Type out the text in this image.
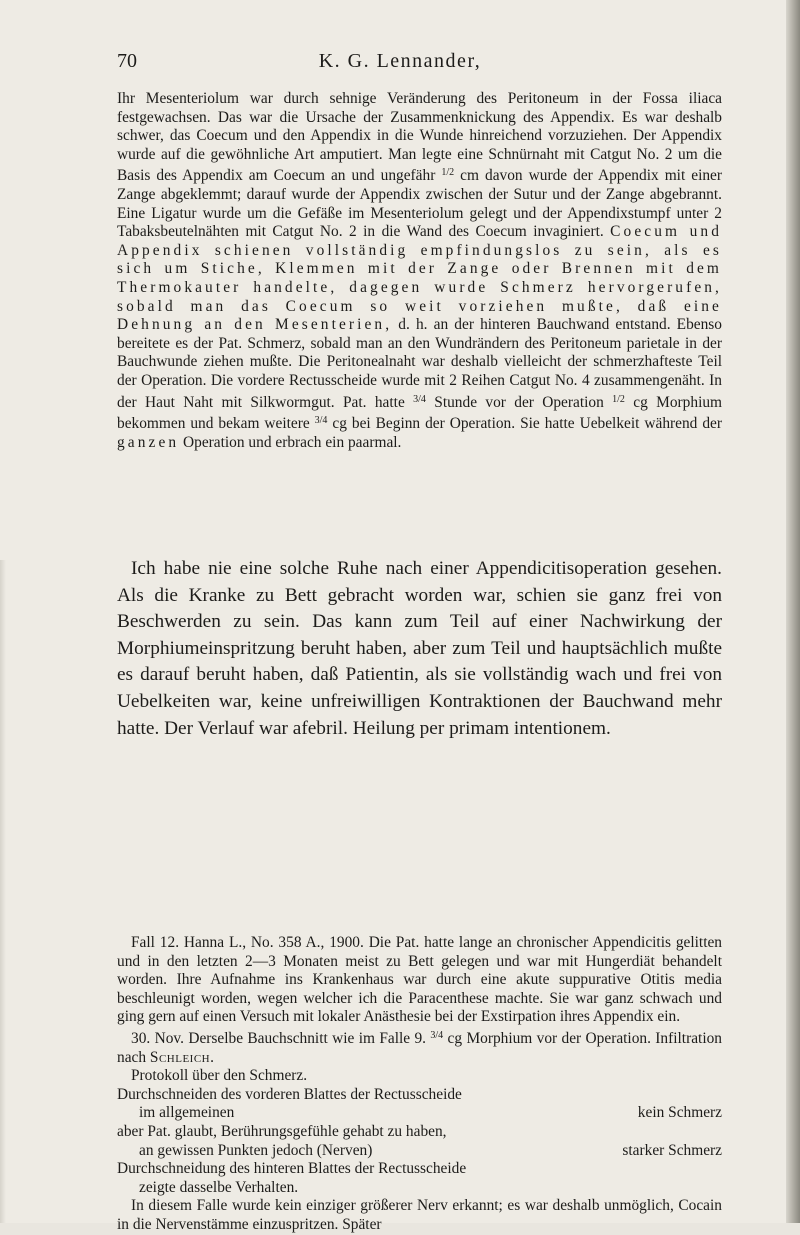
70	K. G. Lennander,

Ihr Mesenteriolum war durch sehnige Veränderung des Peritoneum in der Fossa iliaca festgewachsen. Das war die Ursache der Zusammenknickung des Appendix. Es war deshalb schwer, das Coecum und den Appendix in die Wunde hinreichend vorzuziehen. Der Appendix wurde auf die gewöhnliche Art amputiert. Man legte eine Schnürnaht mit Catgut No. 2 um die Basis des Appendix am Coecum an und ungefähr $^{1/2}$ cm davon wurde der Appendix mit einer Zange abgeklemmt; darauf wurde der Appendix zwischen der Sutur und der Zange abgebrannt. Eine Ligatur wurde um die Gefäße im Mesenteriolum gelegt und der Appendixstumpf unter 2 Tabaksbeutelnähten mit Catgut No. 2 in die Wand des Coecum invaginiert. Coecum und Appendix schienen vollständig empfindungslos zu sein, als es sich um Stiche, Klemmen mit der Zange oder Brennen mit dem Thermokauter handelte, dagegen wurde Schmerz hervorgerufen, sobald man das Coecum so weit vorziehen mußte, daß eine Dehnung an den Mesenterien, d. h. an der hinteren Bauchwand entstand. Ebenso bereitete es der Pat. Schmerz, sobald man an den Wundrändern des Peritoneum parietale in der Bauchwunde ziehen mußte. Die Peritonealnaht war deshalb vielleicht der schmerzhafteste Teil der Operation. Die vordere Rectusscheide wurde mit 2 Reihen Catgut No. 4 zusammengenäht. In der Haut Naht mit Silkwormgut. Pat. hatte $^{3/4}$ Stunde vor der Operation $^{1/2}$ cg Morphium bekommen und bekam weitere $^{3/4}$ cg bei Beginn der Operation. Sie hatte Uebelkeit während der ganzen Operation und erbrach ein paarmal.

Ich habe nie eine solche Ruhe nach einer Appendicitisoperation gesehen. Als die Kranke zu Bett gebracht worden war, schien sie ganz frei von Beschwerden zu sein. Das kann zum Teil auf einer Nachwirkung der Morphiumeinspritzung beruht haben, aber zum Teil und hauptsächlich mußte es darauf beruht haben, daß Patientin, als sie vollständig wach und frei von Uebelkeiten war, keine unfreiwilligen Kontraktionen der Bauchwand mehr hatte. Der Verlauf war afebril. Heilung per primam intentionem.

Fall 12. Hanna L., No. 358 A., 1900. Die Pat. hatte lange an chronischer Appendicitis gelitten und in den letzten 2—3 Monaten meist zu Bett gelegen und war mit Hungerdiät behandelt worden. Ihre Aufnahme ins Krankenhaus war durch eine akute suppurative Otitis media beschleunigt worden, wegen welcher ich die Paracenthese machte. Sie war ganz schwach und ging gern auf einen Versuch mit lokaler Anästhesie bei der Exstirpation ihres Appendix ein.

30. Nov. Derselbe Bauchschnitt wie im Falle 9. $^{3/4}$ cg Morphium vor der Operation. Infiltration nach Schleich.

Protokoll über den Schmerz.

Durchschneiden des vorderen Blattes der Rectusscheide
im allgemeinen	kein Schmerz
aber Pat. glaubt, Berührungsgefühle gehabt zu haben,
an gewissen Punkten jedoch (Nerven)	starker Schmerz
Durchschneidung des hinteren Blattes der Rectusscheide
zeigte dasselbe Verhalten.

In diesem Falle wurde kein einziger größerer Nerv erkannt; es war deshalb unmöglich, Cocain in die Nervenstämme einzuspritzen. Später
